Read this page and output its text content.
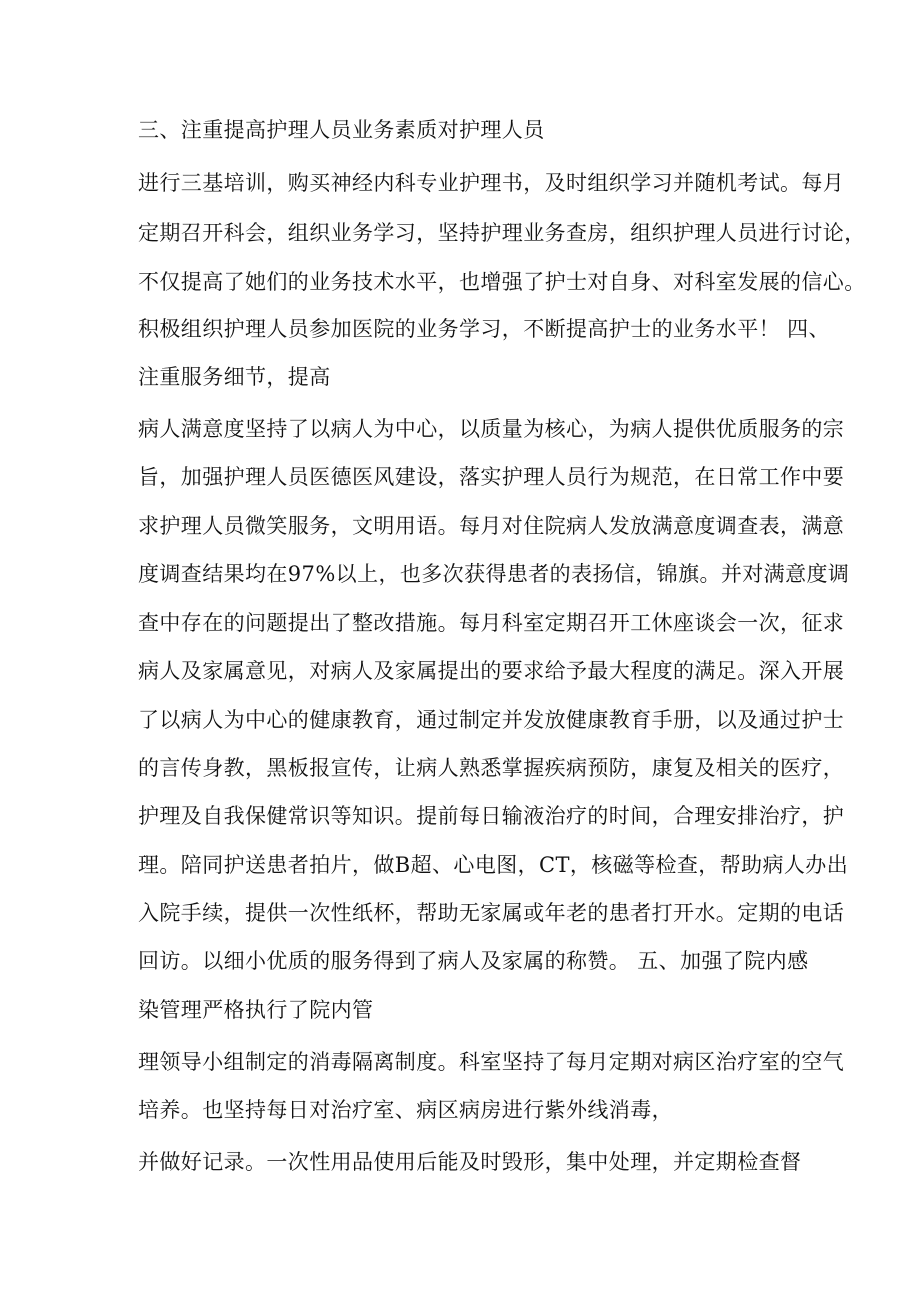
三、注重提高护理人员业务素质对护理人员
进行三基培训，购买神经内科专业护理书，及时组织学习并随机考试。每月
定期召开科会，组织业务学习，坚持护理业务查房，组织护理人员进行讨论，
不仅提高了她们的业务技术水平，也增强了护士对自身、对科室发展的信心。
积极组织护理人员参加医院的业务学习，不断提高护士的业务水平！ 四、
注重服务细节，提高
病人满意度坚持了以病人为中心，以质量为核心，为病人提供优质服务的宗
旨，加强护理人员医德医风建设，落实护理人员行为规范，在日常工作中要
求护理人员微笑服务，文明用语。每月对住院病人发放满意度调查表，满意
度调查结果均在97%以上，也多次获得患者的表扬信，锦旗。并对满意度调
查中存在的问题提出了整改措施。每月科室定期召开工休座谈会一次，征求
病人及家属意见，对病人及家属提出的要求给予最大程度的满足。深入开展
了以病人为中心的健康教育，通过制定并发放健康教育手册，以及通过护士
的言传身教，黑板报宣传，让病人熟悉掌握疾病预防，康复及相关的医疗，
护理及自我保健常识等知识。提前每日输液治疗的时间，合理安排治疗，护
理。陪同护送患者拍片，做B超、心电图，CT，核磁等检查，帮助病人办出
入院手续，提供一次性纸杯，帮助无家属或年老的患者打开水。定期的电话
回访。以细小优质的服务得到了病人及家属的称赞。 五、加强了院内感
染管理严格执行了院内管
理领导小组制定的消毒隔离制度。科室坚持了每月定期对病区治疗室的空气
培养。也坚持每日对治疗室、病区病房进行紫外线消毒，
并做好记录。一次性用品使用后能及时毁形，集中处理，并定期检查督
